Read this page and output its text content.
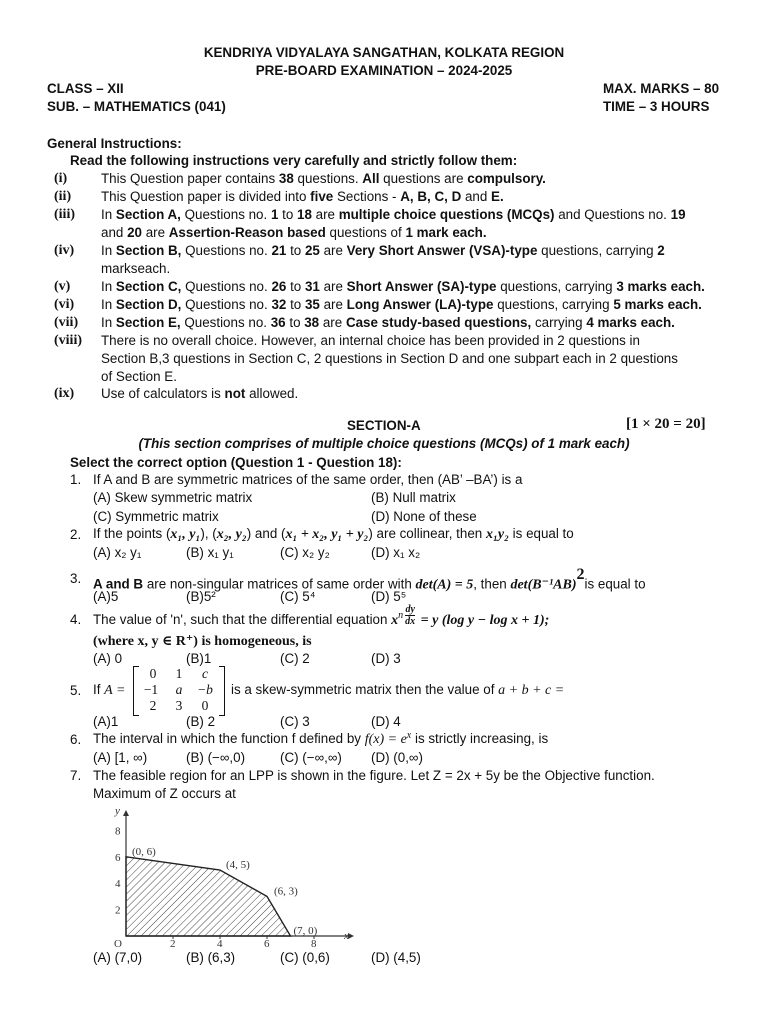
KENDRIYA VIDYALAYA SANGATHAN, KOLKATA REGION
PRE-BOARD EXAMINATION – 2024-2025
CLASS – XII	MAX. MARKS – 80
SUB. – MATHEMATICS (041)	TIME – 3 HOURS
General Instructions:
Read the following instructions very carefully and strictly follow them:
(i)	This Question paper contains 38 questions. All questions are compulsory.
(ii) This Question paper is divided into five Sections - A, B, C, D and E.
(iii) In Section A, Questions no. 1 to 18 are multiple choice questions (MCQs) and Questions no. 19
and 20 are Assertion-Reason based questions of 1 mark each.
(iv) In Section B, Questions no. 21 to 25 are Very Short Answer (VSA)-type questions, carrying 2
markseach.
(v) In Section C, Questions no. 26 to 31 are Short Answer (SA)-type questions, carrying 3 marks each.
(vi) In Section D, Questions no. 32 to 35 are Long Answer (LA)-type questions, carrying 5 marks each.
(vii) In Section E, Questions no. 36 to 38 are Case study-based questions, carrying 4 marks each.
(viii) There is no overall choice. However, an internal choice has been provided in 2 questions in
Section B,3 questions in Section C, 2 questions in Section D and one subpart each in 2 questions
of Section E.
(ix) Use of calculators is not allowed.
SECTION-A	[1 × 20 = 20]
(This section comprises of multiple choice questions (MCQs) of 1 mark each)
Select the correct option (Question 1 - Question 18):
1. If A and B are symmetric matrices of the same order, then (AB’ –BA’) is a
(A) Skew symmetric matrix	(B) Null matrix
(C) Symmetric matrix	(D) None of these
2. If the points (x₁, y₁), (x₂, y₂) and (x₁ + x₂, y₁ + y₂) are collinear, then x₁y₂ is equal to
(A) x₂ y₁	(B) x₁ y₁	(C) x₂ y₂	(D) x₁ x₂
3. A and B are non-singular matrices of same order with det(A) = 5, then $\det(B^{-1}AB)^2is$ equal to
(A)5	(B)5²	(C) 5⁴	(D) 5⁵
4. The value of 'n', such that the differential equation xn $\frac{dy}{dx} = y$ (log y − log x + 1);
(where x, y ∈ R⁺) is homogeneous, is
(A) 0	(B)1	(C) 2	(D) 3
5. If A =
0	1	c
−1	a	−b
2	3	0
is a skew-symmetric matrix then the value of a + b + c =
(A)1	(B) 2	(C) 3	(D) 4
6. The interval in which the function f defined by $f(x) = e^x$ is strictly increasing, is
(A) [1, ∞)	(B) (−∞,0)	(C) (−∞,∞) (D) (0,∞)
7. The feasible region for an LPP is shown in the figure. Let Z = 2x + 5y be the Objective function.
Maximum of Z occurs at
2	4	6	8
2
4
6
8
O
x
y
(0, 6)
(4, 5)
(6, 3)
(7, 0)
(A) (7,0)	(B) (6,3)	(C) (0,6)	(D) (4,5)
